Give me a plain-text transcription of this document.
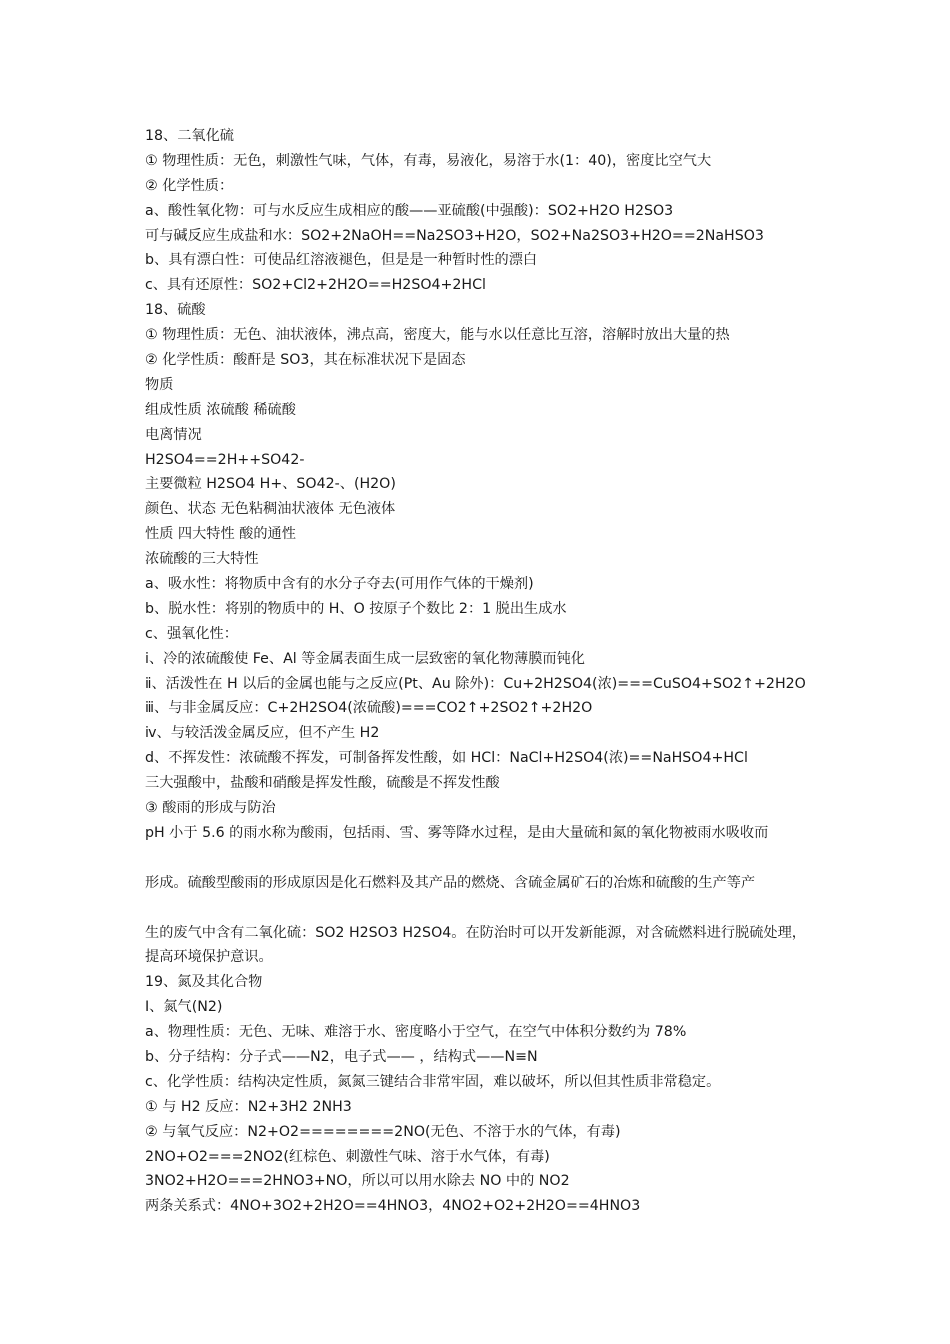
18、二氧化硫
① 物理性质：无色，刺激性气味，气体，有毒，易液化，易溶于水(1：40)，密度比空气大
② 化学性质：
a、酸性氧化物：可与水反应生成相应的酸——亚硫酸(中强酸)：SO2+H2O H2SO3
可与碱反应生成盐和水：SO2+2NaOH==Na2SO3+H2O，SO2+Na2SO3+H2O==2NaHSO3
b、具有漂白性：可使品红溶液褪色，但是是一种暂时性的漂白
c、具有还原性：SO2+Cl2+2H2O==H2SO4+2HCl
18、硫酸
① 物理性质：无色、油状液体，沸点高，密度大，能与水以任意比互溶，溶解时放出大量的热
② 化学性质：酸酐是 SO3，其在标准状况下是固态
物质
组成性质 浓硫酸 稀硫酸
电离情况
H2SO4==2H++SO42-
主要微粒 H2SO4 H+、SO42-、(H2O)
颜色、状态 无色粘稠油状液体 无色液体
性质 四大特性 酸的通性
浓硫酸的三大特性
a、吸水性：将物质中含有的水分子夺去(可用作气体的干燥剂)
b、脱水性：将别的物质中的 H、O 按原子个数比 2：1 脱出生成水
c、强氧化性：
ⅰ、冷的浓硫酸使 Fe、Al 等金属表面生成一层致密的氧化物薄膜而钝化
ⅱ、活泼性在 H 以后的金属也能与之反应(Pt、Au 除外)：Cu+2H2SO4(浓)===CuSO4+SO2↑+2H2O
ⅲ、与非金属反应：C+2H2SO4(浓硫酸)===CO2↑+2SO2↑+2H2O
ⅳ、与较活泼金属反应，但不产生 H2
d、不挥发性：浓硫酸不挥发，可制备挥发性酸，如 HCl：NaCl+H2SO4(浓)==NaHSO4+HCl
三大强酸中，盐酸和硝酸是挥发性酸，硫酸是不挥发性酸
③ 酸雨的形成与防治
pH 小于 5.6 的雨水称为酸雨，包括雨、雪、雾等降水过程，是由大量硫和氮的氧化物被雨水吸收而
形成。硫酸型酸雨的形成原因是化石燃料及其产品的燃烧、含硫金属矿石的冶炼和硫酸的生产等产
生的废气中含有二氧化硫：SO2 H2SO3 H2SO4。在防治时可以开发新能源，对含硫燃料进行脱硫处理，提高环境保护意识。
19、氮及其化合物
Ⅰ、氮气(N2)
a、物理性质：无色、无味、难溶于水、密度略小于空气，在空气中体积分数约为 78%
b、分子结构：分子式——N2，电子式—— ，结构式——N≡N
c、化学性质：结构决定性质，氮氮三键结合非常牢固，难以破坏，所以但其性质非常稳定。
① 与 H2 反应：N2+3H2 2NH3
② 与氧气反应：N2+O2========2NO(无色、不溶于水的气体，有毒)
2NO+O2===2NO2(红棕色、刺激性气味、溶于水气体，有毒)
3NO2+H2O===2HNO3+NO，所以可以用水除去 NO 中的 NO2
两条关系式：4NO+3O2+2H2O==4HNO3，4NO2+O2+2H2O==4HNO3
